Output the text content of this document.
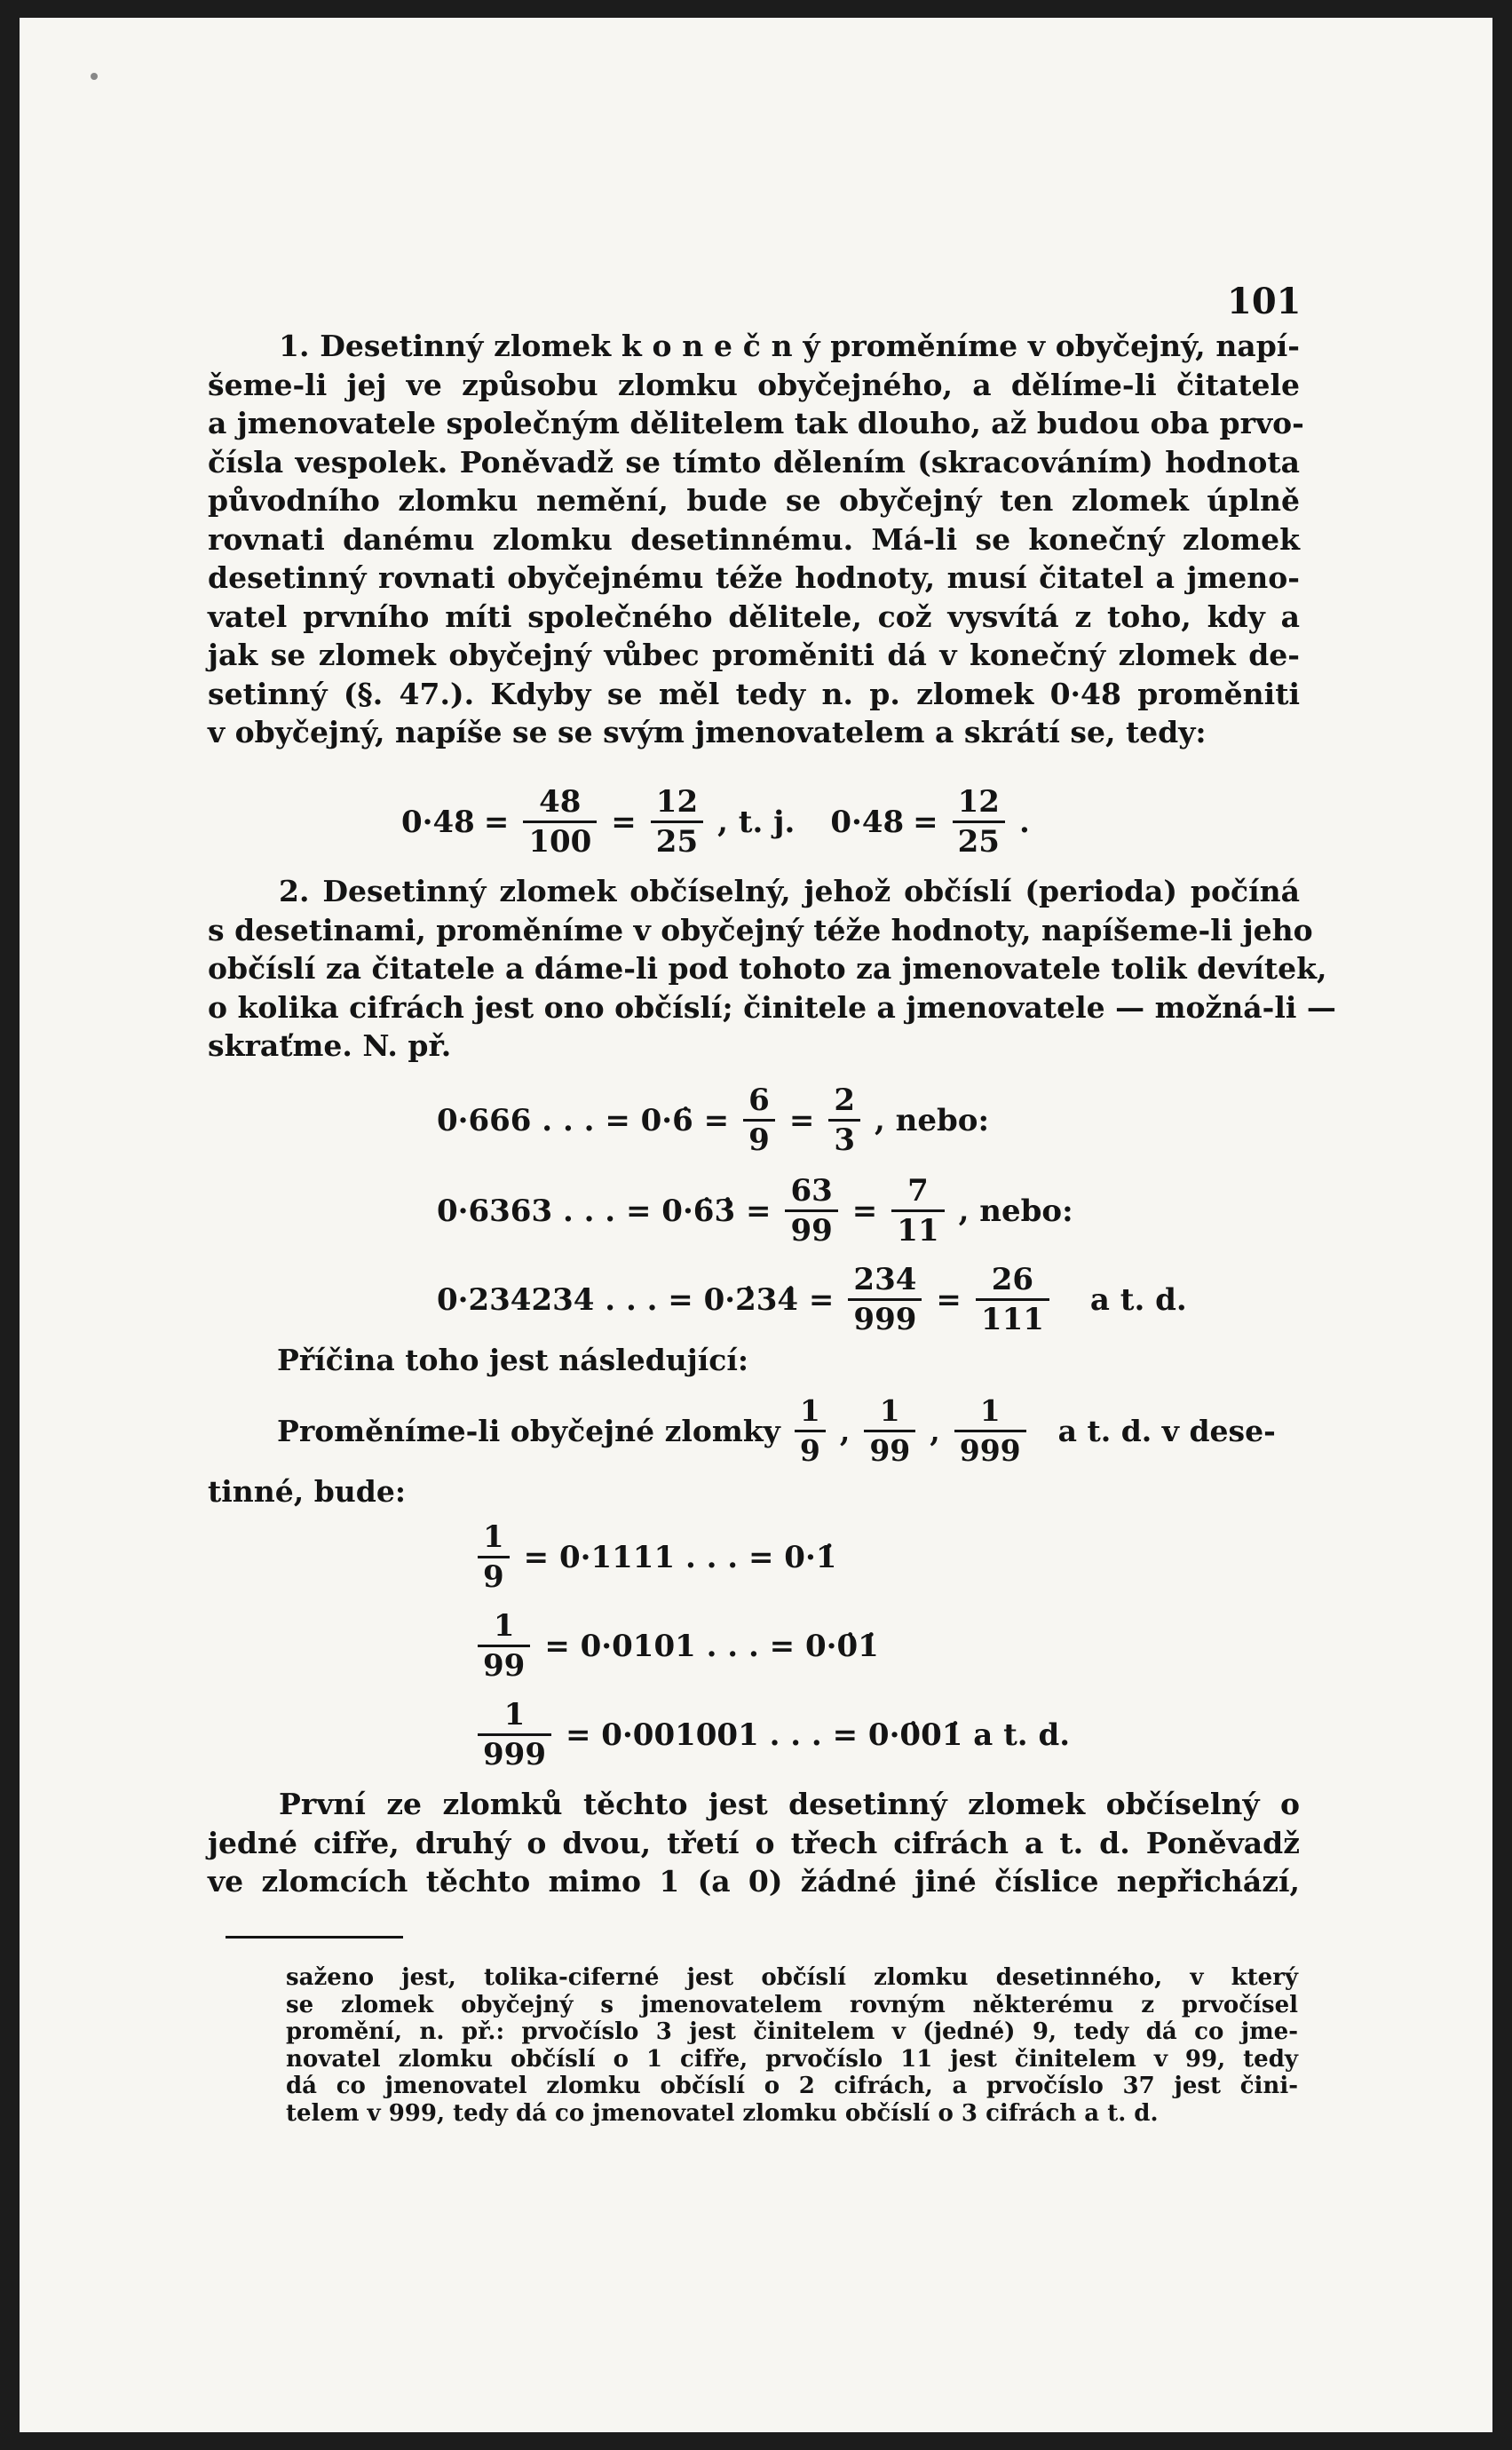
101
1. Desetinný zlomek k o n e č n ý proměníme v obyčejný, napí-
šeme-li jej ve způsobu zlomku obyčejného, a dělíme-li čitatele
a jmenovatele společným dělitelem tak dlouho, až budou oba prvo-
čísla vespolek. Poněvadž se tímto dělením (skracováním) hodnota
původního zlomku nemění, bude se obyčejný ten zlomek úplně
rovnati danému zlomku desetinnému. Má-li se konečný zlomek
desetinný rovnati obyčejnému téže hodnoty, musí čitatel a jmeno-
vatel prvního míti společného dělitele, což vysvítá z toho, kdy a
jak se zlomek obyčejný vůbec proměniti dá v konečný zlomek de-
setinný (§. 47.). Kdyby se měl tedy n. p. zlomek 0·48 proměniti
v obyčejný, napíše se se svým jmenovatelem a skrátí se, tedy:
$0\cdot 48 = \frac{48}{100} = \frac{12}{25}$ , t. j. $0\cdot 48 = \frac{12}{25}$ .
2. Desetinný zlomek občíselný, jehož občíslí (perioda) počíná
s desetinami, proměníme v obyčejný téže hodnoty, napíšeme-li jeho
občíslí za čitatele a dáme-li pod tohoto za jmenovatele tolik devítek,
o kolika cifrách jest ono občíslí; činitele a jmenovatele — možná-li —
skraťme. N. př.
0·666 . . . = 0·6̇ = $\frac{6}{9} = \frac{2}{3}$ , nebo:
0·6363 . . . = 0·6̇3̇ = $\frac{63}{99} = \frac{7}{11}$ , nebo:
0·234234 . . . = 0·2̇34̇ = $\frac{234}{999} = \frac{26}{111}$ a t. d.
Příčina toho jest následující:
Proměníme-li obyčejné zlomky $\frac{1}{9}$ , $\frac{1}{99}$ , $\frac{1}{999}$ a t. d. v dese-
tinné, bude:
$\frac{1}{9} = 0\cdot 1111$ . . . = 0·1̇
$\frac{1}{99} = 0\cdot 0101$ . . . = 0·0̇1̇
$\frac{1}{999} = 0\cdot 001001$ . . . = 0·0̇01̇ a t. d.
První ze zlomků těchto jest desetinný zlomek občíselný o
jedné cifře, druhý o dvou, třetí o třech cifrách a t. d. Poněvadž
ve zlomcích těchto mimo 1 (a 0) žádné jiné číslice nepřichází,
saženo jest, tolika-ciferné jest občíslí zlomku desetinného, v který
se zlomek obyčejný s jmenovatelem rovným některému z prvočísel
promění, n. př.: prvočíslo 3 jest činitelem v (jedné) 9, tedy dá co jme-
novatel zlomku občíslí o 1 cifře, prvočíslo 11 jest činitelem v 99, tedy
dá co jmenovatel zlomku občíslí o 2 cifrách, a prvočíslo 37 jest čini-
telem v 999, tedy dá co jmenovatel zlomku občíslí o 3 cifrách a t. d.
